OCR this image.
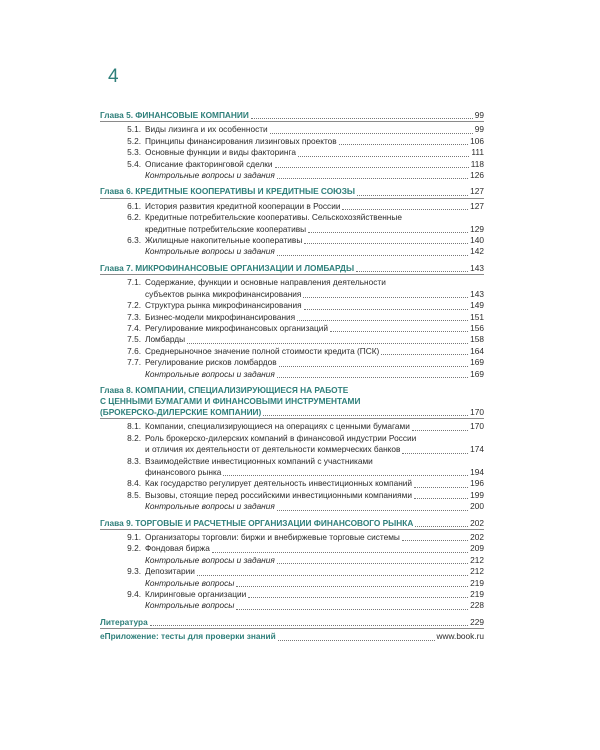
4
Глава 5. ФИНАНСОВЫЕ КОМПАНИИ	99
5.1. Виды лизинга и их особенности	99
5.2. Принципы финансирования лизинговых проектов	106
5.3. Основные функции и виды факторинга	111
5.4. Описание факторинговой сделки	118
Контрольные вопросы и задания	126
Глава 6. КРЕДИТНЫЕ КООПЕРАТИВЫ И КРЕДИТНЫЕ СОЮЗЫ	127
6.1. История развития кредитной кооперации в России	127
6.2. Кредитные потребительские кооперативы. Сельскохозяйственные
кредитные потребительские кооперативы	129
6.3. Жилищные накопительные кооперативы	140
Контрольные вопросы и задания	142
Глава 7. МИКРОФИНАНСОВЫЕ ОРГАНИЗАЦИИ И ЛОМБАРДЫ	143
7.1. Содержание, функции и основные направления деятельности
субъектов рынка микрофинансирования	143
7.2. Структура рынка микрофинансирования	149
7.3. Бизнес-модели микрофинансирования	151
7.4. Регулирование микрофинансовых организаций	156
7.5. Ломбарды	158
7.6. Среднерыночное значение полной стоимости кредита (ПСК)	164
7.7. Регулирование рисков ломбардов	169
Контрольные вопросы и задания	169
Глава 8. КОМПАНИИ, СПЕЦИАЛИЗИРУЮЩИЕСЯ НА РАБОТЕ
С ЦЕННЫМИ БУМАГАМИ И ФИНАНСОВЫМИ ИНСТРУМЕНТАМИ
(БРОКЕРСКО-ДИЛЕРСКИЕ КОМПАНИИ)	170
8.1. Компании, специализирующиеся на операциях с ценными бумагами	170
8.2. Роль брокерско-дилерских компаний в финансовой индустрии России
и отличия их деятельности от деятельности коммерческих банков	174
8.3. Взаимодействие инвестиционных компаний с участниками
финансового рынка	194
8.4. Как государство регулирует деятельность инвестиционных компаний	196
8.5. Вызовы, стоящие перед российскими инвестиционными компаниями	199
Контрольные вопросы и задания	200
Глава 9. ТОРГОВЫЕ И РАСЧЕТНЫЕ ОРГАНИЗАЦИИ ФИНАНСОВОГО РЫНКА	202
9.1. Организаторы торговли: биржи и внебиржевые торговые системы	202
9.2. Фондовая биржа	209
Контрольные вопросы и задания	212
9.3. Депозитарии	212
Контрольные вопросы	219
9.4. Клиринговые организации	219
Контрольные вопросы	228
Литература	229
еПриложение: тесты для проверки знаний	www.book.ru
